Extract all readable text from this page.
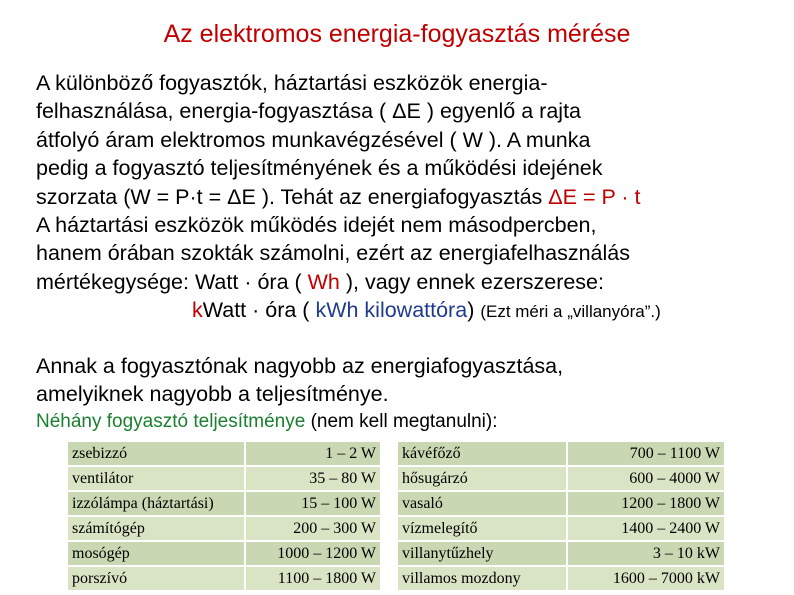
Az elektromos energia-fogyasztás mérése
A különböző fogyasztók, háztartási eszközök energia-
felhasználása, energia-fogyasztása ( ΔE ) egyenlő a rajta
átfolyó áram elektromos munkavégzésével ( W ). A munka
pedig a fogyasztó teljesítményének és a működési idejének
szorzata (W = P·t = ΔE ). Tehát az energiafogyasztás ΔE = P · t
A háztartási eszközök működés idejét nem másodpercben,
hanem órában szokták számolni, ezért az energiafelhasználás
mértékegysége: Watt · óra ( Wh ), vagy ennek ezerszerese:
kWatt · óra ( kWh kilowattóra) (Ezt méri a „villanyóra”.)
Annak a fogyasztónak nagyobb az energiafogyasztása,
amelyiknek nagyobb a teljesítménye.
Néhány fogyasztó teljesítménye (nem kell megtanulni):
zsebizzó	1 – 2 W
ventilátor	35 – 80 W
izzólámpa (háztartási)	15 – 100 W
számítógép	200 – 300 W
mosógép	1000 – 1200 W
porszívó	1100 – 1800 W
kávéfőző	700 – 1100 W
hősugárzó	600 – 4000 W
vasaló	1200 – 1800 W
vízmelegítő	1400 – 2400 W
villanytűzhely	3 – 10 kW
villamos mozdony	1600 – 7000 kW
